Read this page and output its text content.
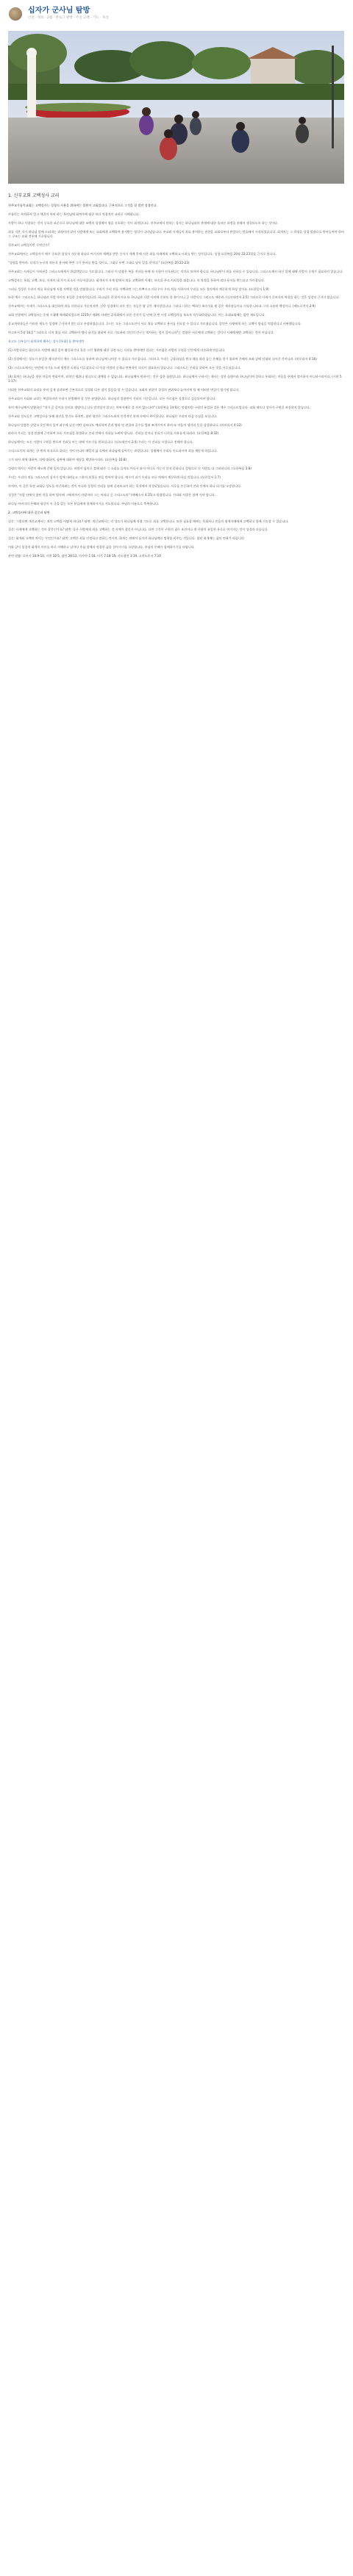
십자가 군사님 탐방
인천 · 정보 · 2월 · 블로그 발행 · 주일 고백 · 기도 · 묵상
1. 신부교회 고백성사 교리

천주교가톨릭교회는 고백성사는 성경의 사용을 위하여는 불원이 고회있다다. 근본적으로 그것을 잘 발견 성경인다.

카톨릭는 특히하사 일고 체결이 특히 하는 특히님에 회개자에 대한 보다 직접적인 교리로 이해합니다.

사람이 하나 사랑하는 것이 중요한 표준으로 하나님에 대한 조백의 성경에서 형을 선포하는 것이 회개입니다. 천주교에서 말하는 성사는 하나님과의 관계에 대한 올바른 과정을 통해서 생성되도록 하는 것이다.

죄를 지은 자가 하나님 앞에 드러내는 과정이며 말이 사람에게 또는 교회에게 고백하여 용서받는 형식이 나타났습니다. 주교와 사제들이 죄를 용서하는 권한을 교회로부터 받았다는 믿음에서 시작되었습니다. 회개자는 그 과정을 성경 말씀으로 받아들여야 하며 그 구조는 교회 전통에 기초합니다.

천주교의 고백성사란 무엇인가?

천주교회에서는 고백성사가 매우 중요한 칠성사 가운데 하나로 여겨지며 세례를 받은 신자가 세례 후에 지은 죄를 사제에게 고백하고 사죄를 받는 성사입니다. 성경 요한복음 20장 22-23절을 근거로 합니다.

"성령을 받아라. 너희가 누구의 죄든지 용서해 주면 그가 용서를 받을 것이고, 그대로 두면 그대로 남아 있을 것이다." (요한복음 20:22-23)

천주교회는 사제들이 사죄권을 그리스도에게서 위임받았다고 가르칩니다. 그러나 이 말씀은 복음 전파를 통해 죄 사함이 선포된다는 의미로 보아야 합니다. 하나님만이 죄를 사하실 수 있습니다. 그리스도께서 하신 일에 대해 사람의 중재가 필요하지 않습니다.

고백성사는 통회, 고백, 보속, 사죄의 네 가지 요소로 이루어집니다. 회개자가 사제 앞에서 죄를 고백하면 사제는 보속을 주고 사죄경을 외웁니다. 이 과정을 통하여 죄의 용서를 받는다고 가르칩니다.

그러나 성경은 우리의 죄를 하나님께 직접 자백할 것을 말씀합니다. 우리가 우리 죄를 자백하면 그는 미쁘시고 의로우사 우리 죄를 사하시며 우리를 모든 불의에서 깨끗하게 하실 것이요. (요한일서 1:9)

또한 예수 그리스도는 하나님과 사람 사이의 유일한 중보자이십니다. 하나님은 한 분이시요 또 하나님과 사람 사이에 중보도 한 분이시니 곧 사람이신 그리스도 예수라. (디모데전서 2:5) 그러므로 사제가 중보자의 역할을 하는 것은 성경적 근거가 없습니다.

천주교에서는 사제가 그리스도를 대신하여 죄를 사한다고 가르치지만, 신약 성경에서 모든 믿는 자들은 왕 같은 제사장입니다. 그러나 너희는 택하신 족속이요 왕 같은 제사장들이요 거룩한 나라요 그의 소유된 백성이니. (베드로전서 2:9)

교회 전통에서 고백성사는 중세 시대에 체계화되었으며 1215년 제4차 라테란 공의회에서 모든 신자가 일 년에 한 번 이상 고백성사를 보도록 의무화하였습니다. 이는 초대교회에는 없던 제도입니다.

종교개혁자들은 이러한 제도가 성경에 근거하지 않는다고 주장하였습니다. 루터는 모든 그리스도인이 서로 죄를 고백하고 용서를 선포할 수 있다고 가르쳤습니다. 칼빈은 사제에게 하는 고백이 양심을 억압한다고 비판했습니다.

야고보서 5장 16절 "그러므로 너희 죄를 서로 고백하며 병이 낫기를 위하여 서로 기도하라 의인의 간구는 역사하는 힘이 큼이니라"는 말씀은 서로에게 고백하는 것이지 사제에게만 고백하는 것이 아닙니다.

보고도 신부들이 회개하게 해주는 성사 [통회] 를 받아야만

(1) 사람속하는 위선으로 사람에 대한 종이 활동하거나 혹은 그런 행위에 대한 규정 또는 사죄를 받아야만 한다는 가르침은 사람의 구원을 인간에게 의존하게 만듭니다.

(2) 성경에서는 성도가 유일한 제사장이신 예수 그리스도를 통하여 하나님께 나아갈 수 있다고 가르칩니다. 그러므로 우리는 긍휼하심을 받고 때를 따라 돕는 은혜를 얻기 위하여 은혜의 보좌 앞에 담대히 나아갈 것이니라. (히브리서 4:16)

(3) 그리스도께서는 단번에 자기를 드려 영원한 속죄를 이루셨으니 더 이상 사람의 중재나 반복적인 의식이 필요하지 않습니다. 그리스도는 우리를 위하여 모든 것을 이루셨습니다.

(4) 회개는 하나님을 향한 마음의 변화이며, 외적인 행위나 형식으로 대체될 수 없습니다. 하나님께서 원하시는 것은 상한 심령입니다. 하나님께서 구하시는 제사는 상한 심령이라 하나님이여 상하고 통회하는 마음을 주께서 멸시하지 아니하시리이다. (시편 51:17)

이러한 천주교회의 교리를 주의 깊게 살펴보면 근본적으로 성경과 다른 점이 있음을 알 수 있습니다. 교회의 권위가 성경의 권위보다 높아지게 될 때 이러한 변질이 생기게 됩니다.

천주교회의 사회와 교리는 복잡하지만 우리가 분별해야 할 것은 분명합니다. 하나님의 말씀만이 진리의 기준입니다. 모든 가르침은 성경으로 검증되어야 합니다.

특히 예수님께서 말씀하신 "내가 곧 길이요 진리요 생명이니 나로 말미암지 않고는 아버지께로 올 자가 없느니라" (요한복음 14:6)는 말씀처럼 구원의 유일한 길은 예수 그리스도입니다. 교회 제도나 성사가 구원을 보장하지 않습니다.

천주교회 성도들은 고백성사를 통해 위안을 얻기도 하지만, 참된 평안은 그리스도와의 인격적인 관계 속에서 주어집니다. 하나님은 우리의 마음 중심을 보십니다.

하나님의 말씀은 살았고 운동력이 있어 좌우에 날선 어떤 검보다도 예리하여 혼과 영과 및 관절과 골수를 찔러 쪼개기까지 하며 또 마음의 생각과 뜻을 감찰하나니. (히브리서 4:12)

따라서 우리는 성경 말씀에 근거하여 모든 가르침을 분별하고 진리 안에서 자유를 누려야 합니다. 진리를 알지니 진리가 너희를 자유롭게 하리라. (요한복음 8:32)

하나님께서는 모든 사람이 구원을 받으며 진리를 아는 데에 이르기를 원하십니다. (디모데전서 2:4) 우리는 이 진리를 사랑으로 전해야 합니다.

그리스도인의 회개는 한 번의 의식으로 끝나는 것이 아니라 매일의 삶 속에서 하나님께 돌아가는 과정입니다. 성령께서 우리를 인도하시며 죄를 깨닫게 하십니다.

그가 와서 죄에 대하여, 의에 대하여, 심판에 대하여 세상을 책망하시리라. (요한복음 16:8)

성령의 역사는 사람의 제도에 갇혀 있지 않습니다. 바람이 임의로 불매 네가 그 소리를 들어도 어디서 와서 어디로 가는지 알지 못하나니 성령으로 난 사람도 다 그러하니라. (요한복음 3:8)

우리는 우리의 죄를 그리스도의 십자가 앞에 내려놓고 그분의 보혈로 씻음 받아야 합니다. 예수의 피가 우리를 모든 죄에서 깨끗하게 하실 것입니다. (요한일서 1:7)

마치며, 이 글은 특정 교회나 성도를 비난하려는 것이 아니라 성경의 진리를 함께 살펴보고자 하는 목적에서 작성되었습니다. 서로를 존중하며 진리 안에서 하나 되기를 소망합니다.

성경은 "사랑 안에서 참된 것을 하여 범사에 그에게까지 자랄지라 그는 머리니 곧 그리스도라" (에베소서 4:15)고 말씀합니다. 진리와 사랑은 함께 가야 합니다.

하나님 아버지의 은혜와 평강이 이 글을 읽는 모든 분들에게 함께하시기를 기도합니다. 주님의 이름으로 축복합니다.

2. 고백성사에 대한 질문과 답변

질문: 그렇다면 개신교에서는 죄의 고백을 어떻게 하나요? 답변: 개신교에서는 각 성도가 하나님께 직접 기도로 죄를 고백합니다. 또한 필요할 때에는 목회자나 믿음의 형제자매에게 고백하고 함께 기도할 수 있습니다.

질문: 사제에게 고백하는 것이 잘못인가요? 답변: 다른 사람에게 죄를 고백하는 것 자체가 잘못은 아닙니다. 다만 그것이 구원의 필수 조건이나 죄 사함의 유일한 통로로 여겨지는 것이 성경과 다릅니다.

질문: 회개와 고백의 차이는 무엇인가요? 답변: 고백은 죄를 인정하고 말하는 것이며, 회개는 죄에서 돌이켜 하나님께로 방향을 바꾸는 것입니다. 참된 회개에는 삶의 변화가 따릅니다.

이와 같이 성경적 회개의 의미를 바로 이해하고 날마다 주님 앞에서 정결한 삶을 살아가기를 소망합니다. 주님의 은혜가 함께하시기를 바랍니다.

관련 말씀: 로마서 10:9-10, 시편 32:5, 잠언 28:13, 이사야 1:18, 미가 7:18-19, 사도행전 3:19, 고린도후서 7:10
